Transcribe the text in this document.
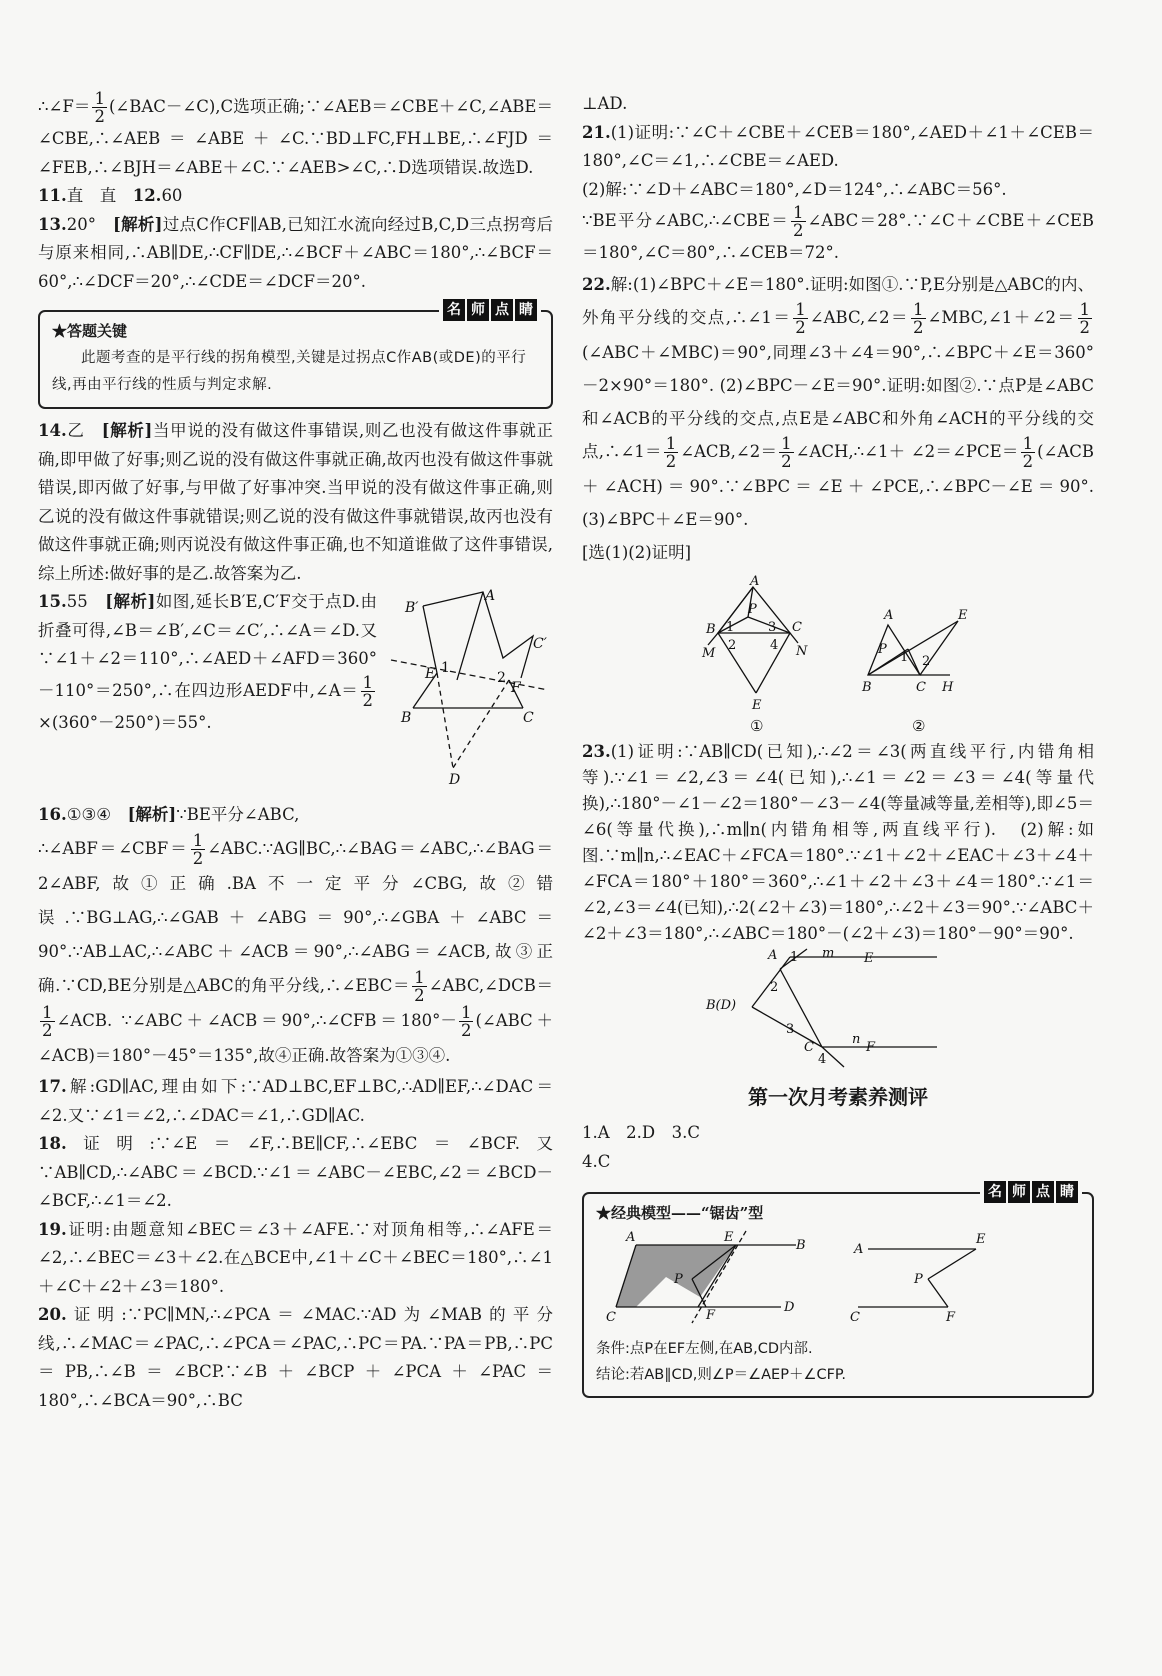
∴∠F＝ $\frac{1}{2}$ (∠BAC－∠C),C选项正确;∵∠AEB＝∠CBE＋∠C,∠ABE＝∠CBE,∴∠AEB＝∠ABE＋∠C.∵BD⊥FC,FH⊥BE,∴∠FJD＝∠FEB,∴∠BJH＝∠ABE＋∠C.∵∠AEB>∠C,∴D选项错误.故选D.

11.直　直　12.60

13.20°　[解析]过点C作CF∥AB,已知江水流向经过B,C,D三点拐弯后与原来相同,∴AB∥DE,∴CF∥DE,∴∠BCF＋∠ABC＝180°,∴∠BCF＝60°,∴∠DCF＝20°,∴∠CDE＝∠DCF＝20°.

名 师 点 睛
★答题关键
此题考查的是平行线的拐角模型,关键是过拐点C作AB(或DE)的平行线,再由平行线的性质与判定求解.

14.乙　[解析]当甲说的没有做这件事错误,则乙也没有做这件事就正确,即甲做了好事;则乙说的没有做这件事就正确,故丙也没有做这件事就错误,即丙做了好事,与甲做了好事冲突.当甲说的没有做这件事正确,则乙说的没有做这件事就错误;则乙说的没有做这件事就错误,故丙也没有做这件事就正确;则丙说没有做这件事正确,也不知道谁做了这件事错误,综上所述:做好事的是乙.故答案为乙.

A
B′
E 1
2
C′
F
B	C
D

15.55　[解析]如图,延长B′E,C′F交于点D.由折叠可得,∠B＝∠B′,∠C＝∠C′,∴∠A＝∠D.又∵∠1＋∠2＝110°,∴∠AED＋∠AFD＝360°－110°＝250°,∴在四边形AEDF中,∠A＝ $\frac{1}{2}$
×(360°－250°)＝55°.

16.①③④　[解析]∵BE平分∠ABC,
∴∠ABF＝∠CBF＝ $\frac{1}{2}$ ∠ABC.∵AG∥BC,∴∠BAG＝∠ABC,∴∠BAG＝2∠ABF,故①正确.BA不一定平分∠CBG,故②错误.∵BG⊥AG,∴∠GAB＋∠ABG＝90°,∴∠GBA＋∠ABC＝90°.∵AB⊥AC,∴∠ABC＋∠ACB＝90°,∴∠ABG＝∠ACB,故③正确.∵CD,BE分别是△ABC的角平分线,∴∠EBC＝ $\frac{1}{2}$ ∠ABC,∠DCB＝
$\frac{1}{2}$ ∠ACB. ∵∠ABC＋∠ACB＝90°,∴∠CFB＝180°－ $\frac{1}{2}$ (∠ABC＋∠ACB)＝180°－45°＝135°,故④正确.故答案为①③④.

17.解:GD∥AC,理由如下:∵AD⊥BC,EF⊥BC,∴AD∥EF,∴∠DAC＝∠2.又∵∠1＝∠2,∴∠DAC＝∠1,∴GD∥AC.

18.证明:∵∠E＝∠F,∴BE∥CF,∴∠EBC＝∠BCF.又∵AB∥CD,∴∠ABC＝∠BCD.∵∠1＝∠ABC－∠EBC,∠2＝∠BCD－∠BCF,∴∠1＝∠2.

19.证明:由题意知∠BEC＝∠3＋∠AFE.∵对顶角相等,∴∠AFE＝∠2,∴∠BEC＝∠3＋∠2.在△BCE中,∠1＋∠C＋∠BEC＝180°,∴∠1＋∠C＋∠2＋∠3＝180°.

20.证明:∵PC∥MN,∴∠PCA＝∠MAC.∵AD为∠MAB的平分线,∴∠MAC＝∠PAC,∴∠PCA＝∠PAC,∴PC＝PA.∵PA＝PB,∴PC＝PB,∴∠B＝∠BCP.∵∠B＋∠BCP＋∠PCA＋∠PAC＝180°,∴∠BCA＝90°,∴BC

⊥AD.

21.(1)证明:∵∠C＋∠CBE＋∠CEB＝180°,∠AED＋∠1＋∠CEB＝180°,∠C＝∠1,∴∠CBE＝∠AED.
(2)解:∵∠D＋∠ABC＝180°,∠D＝124°,∴∠ABC＝56°.
∵BE平分∠ABC,∴∠CBE＝ $\frac{1}{2}$ ∠ABC＝28°.∵∠C＋∠CBE＋∠CEB＝180°,∠C＝80°,∴∠CEB＝72°.

22.解:(1)∠BPC＋∠E＝180°.证明:如图①.∵P,E分别是△ABC的内、外角平分线的交点,∴∠1＝ $\frac{1}{2}$ ∠ABC,∠2＝ $\frac{1}{2}$ ∠MBC,∠1＋∠2＝ $\frac{1}{2}$
(∠ABC＋∠MBC)＝90°,同理∠3＋∠4＝90°,∴∠BPC＋∠E＝360°－2×90°＝180°. (2)∠BPC－∠E＝90°.证明:如图②.∵点P是∠ABC和∠ACB的平分线的交点,点E是∠ABC和外角∠ACH的平分线的交点,∴∠1＝ $\frac{1}{2}$ ∠ACB,∠2＝ $\frac{1}{2}$ ∠ACH,∴∠1＋ ∠2＝∠PCE＝ $\frac{1}{2}$ (∠ACB＋∠ACH)＝90°.∵∠BPC＝∠E＋∠PCE,∴∠BPC－∠E＝90°.　(3)∠BPC＋∠E＝90°.
[选(1)(2)证明]

A
P
B	C
M	N
E
1
2
3
4
①
A	E
P
B	C H
1 2
②

23.(1)证明:∵AB∥CD(已知),∴∠2＝∠3(两直线平行,内错角相等).∵∠1＝∠2,∠3＝∠4(已知),∴∠1＝∠2＝∠3＝∠4(等量代换),∴180°－∠1－∠2＝180°－∠3－∠4(等量减等量,差相等),即∠5＝∠6(等量代换),∴m∥n(内错角相等,两直线平行).　(2)解:如图.∵m∥n,∴∠EAC＋∠FCA＝180°.∵∠1＋∠2＋∠EAC＋∠3＋∠4＋∠FCA＝180°＋180°＝360°,∴∠1＋∠2＋∠3＋∠4＝180°.∵∠1＝∠2,∠3＝∠4(已知),∴2(∠2＋∠3)＝180°,∴∠2＋∠3＝90°.∵∠ABC＋∠2＋∠3＝180°,∴∠ABC＝180°－(∠2＋∠3)＝180°－90°＝90°.

A	m E
B(D)
C
n
F
1
2
3
4
第一次月考素养测评

1.A　2.D　3.C

4.C

名 师 点 睛
★经典模型——“锯齿”型
A	E
B
P
C	F
D
A
E
P
C	F
条件:点P在EF左侧,在AB,CD内部.
结论:若AB∥CD,则∠P＝∠AEP＋∠CFP.
